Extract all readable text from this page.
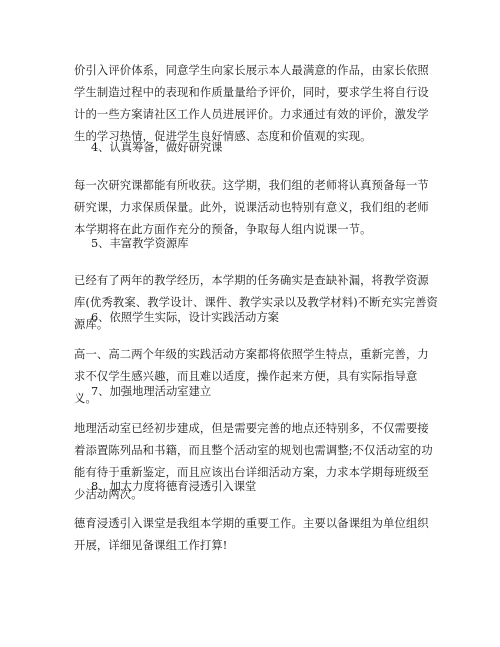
价引入评价体系，同意学生向家长展示本人最满意的作品，由家长依照学生制造过程中的表现和作质量量给予评价，同时，要求学生将自行设计的一些方案请社区工作人员进展评价。力求通过有效的评价，激发学生的学习热情，促进学生良好情感、态度和价值观的实现。

4、认真筹备，做好研究课

每一次研究课都能有所收获。这学期，我们组的老师将认真预备每一节研究课，力求保质保量。此外，说课活动也特别有意义，我们组的老师本学期将在此方面作充分的预备，争取每人组内说课一节。

5、丰富教学资源库

已经有了两年的教学经历，本学期的任务确实是查缺补漏，将教学资源库(优秀教案、教学设计、课件、教学实录以及教学材料)不断充实完善资源库。

6、依照学生实际，设计实践活动方案

高一、高二两个年级的实践活动方案都将依照学生特点，重新完善，力求不仅学生感兴趣，而且难以适度，操作起来方便，具有实际指导意义。

7、加强地理活动室建立

地理活动室已经初步建成，但是需要完善的地点还特别多，不仅需要接着添置陈列品和书籍，而且整个活动室的规划也需调整;不仅活动室的功能有待于重新鉴定，而且应该出台详细活动方案，力求本学期每班级至少活动两次。

8、加大力度将德育浸透引入课堂

德育浸透引入课堂是我组本学期的重要工作。主要以备课组为单位组织开展，详细见备课组工作打算!
